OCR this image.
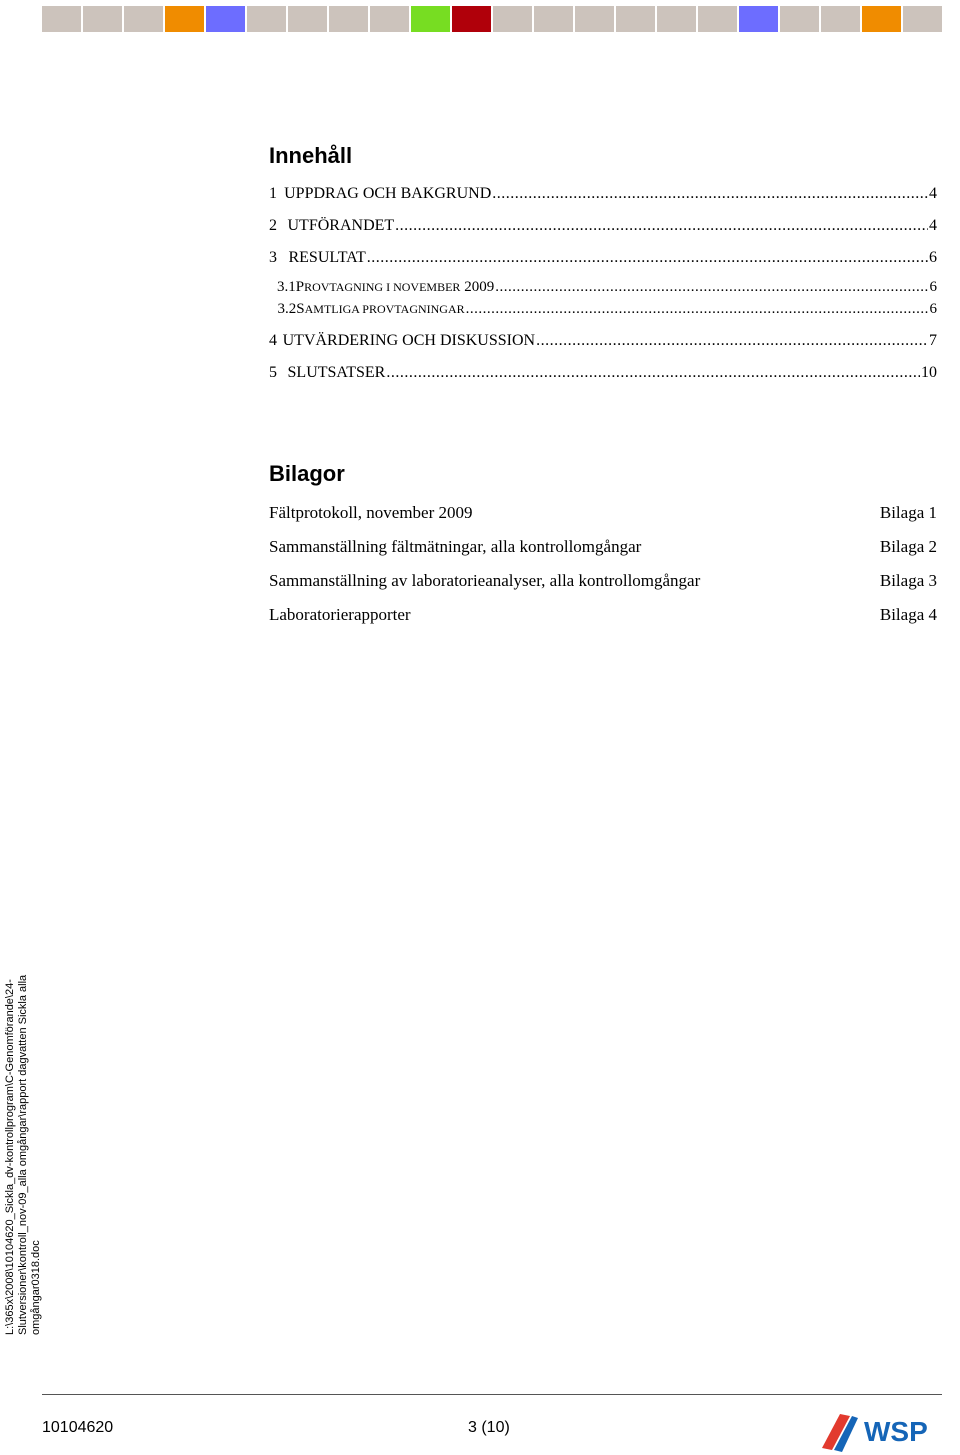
Innehåll
1 UPPDRAG OCH BAKGRUND .....	4
2 UTFÖRANDET .....	4
3 RESULTAT .....	6
3.1 PROVTAGNING I NOVEMBER 2009 .....	6
3.2 SAMTLIGA PROVTAGNINGAR .....	6
4 UTVÄRDERING OCH DISKUSSION .....	7
5 SLUTSATSER .....	10
Bilagor
Fältprotokoll, november 2009	Bilaga 1
Sammanställning fältmätningar, alla kontrollomgångar	Bilaga 2
Sammanställning av laboratorieanalyser, alla kontrollomgångar	Bilaga 3
Laboratorierapporter	Bilaga 4
L:\365x\2008\10104620_Sickla_dv-kontrollprogram\C-Genomförande\24- Slutversioner\kontroll_nov-09_alla omgångar\rapport dagvatten Sickla alla omgångar0318.doc
10104620	3 (10)	WSP
